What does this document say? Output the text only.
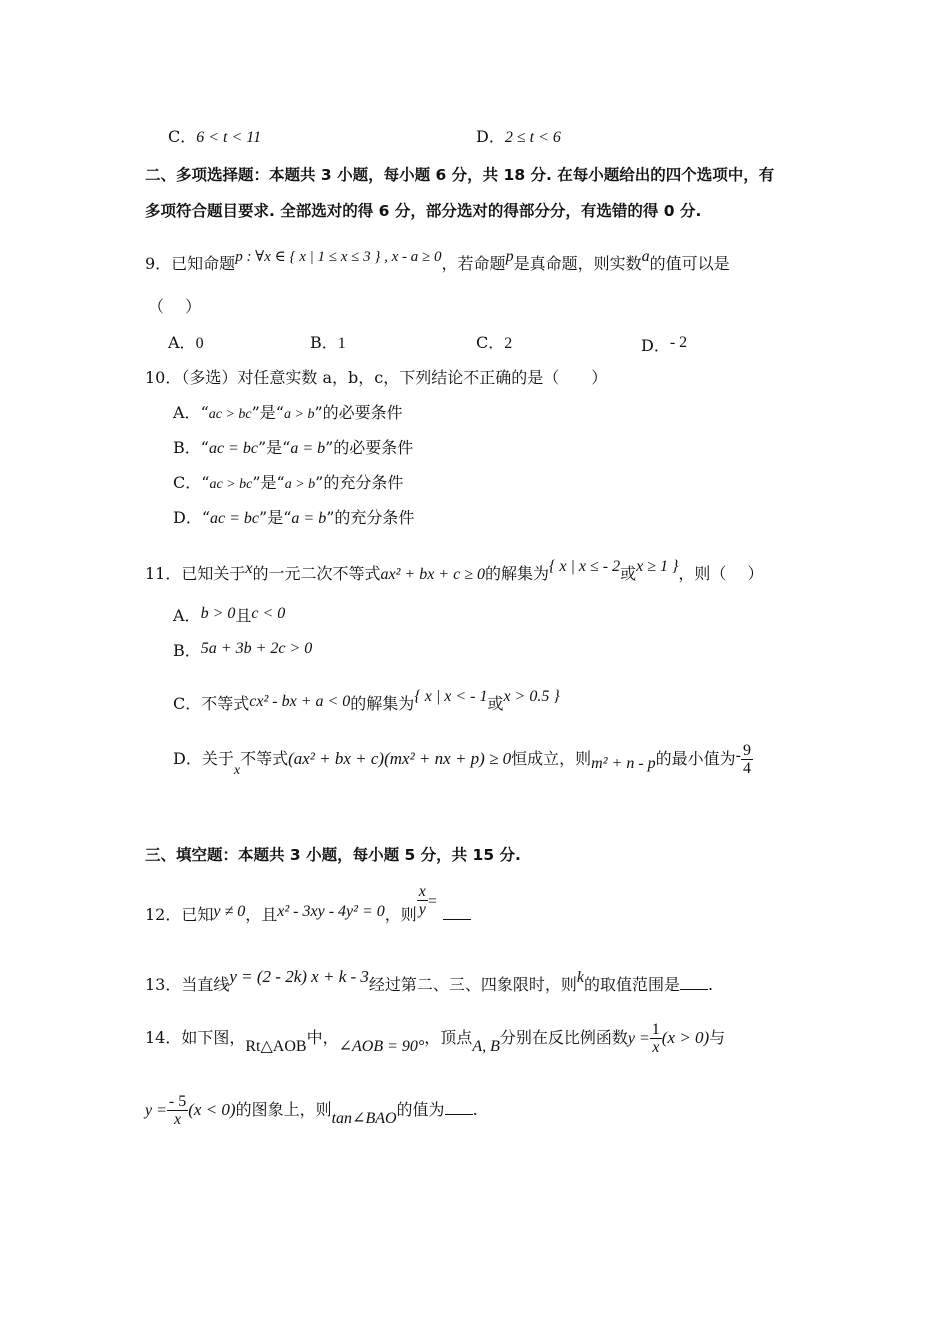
C．6 < t < 11	D．2 ≤ t < 6
二、多项选择题：本题共 3 小题，每小题 6 分，共 18 分. 在每小题给出的四个选项中，有
多项符合题目要求. 全部选对的得 6 分，部分选对的得部分分，有选错的得 0 分.
9．已知命题p : ∀x ∈ { x | 1 ≤ x ≤ 3 } , x - a ≥ 0，若命题p是真命题，则实数a的值可以是
（　 ）
A．0	B．1	C．2	D．- 2
10．（多选）对任意实数 a，b，c，下列结论不正确的是（　　）
A．“ac > bc”是“a > b”的必要条件
B．“ac = bc”是“a = b”的必要条件
C．“ac > bc”是“a > b”的充分条件
D．“ac = bc”是“a = b”的充分条件
11．已知关于x的一元二次不等式ax² + bx + c ≥ 0的解集为{ x | x ≤ - 2或x ≥ 1 }，则（　 ）
A．b > 0且c < 0
B．5a + 3b + 2c > 0
C．不等式cx² - bx + a < 0的解集为{ x | x < - 1或x > 0.5 }
D．关于x不等式(ax² + bx + c)(mx² + nx + p) ≥ 0恒成立，则m² + n - p的最小值为- $\frac{9}{4}$
三、填空题：本题共 3 小题，每小题 5 分，共 15 分.
12．已知y ≠ 0，且x² - 3xy - 4y² = 0，则 $\frac{x}{y}$ =
13．当直线y = (2 - 2k) x + k - 3经过第二、三、四象限时，则k的取值范围是 .
14．如下图，Rt△AOB中，∠AOB = 90°，顶点A, B分别在反比例函数$y = \frac{1}{x} (x > 0)$与
$y = \frac{- 5}{x} (x < 0)$的图象上，则tan∠BAO的值为 .
